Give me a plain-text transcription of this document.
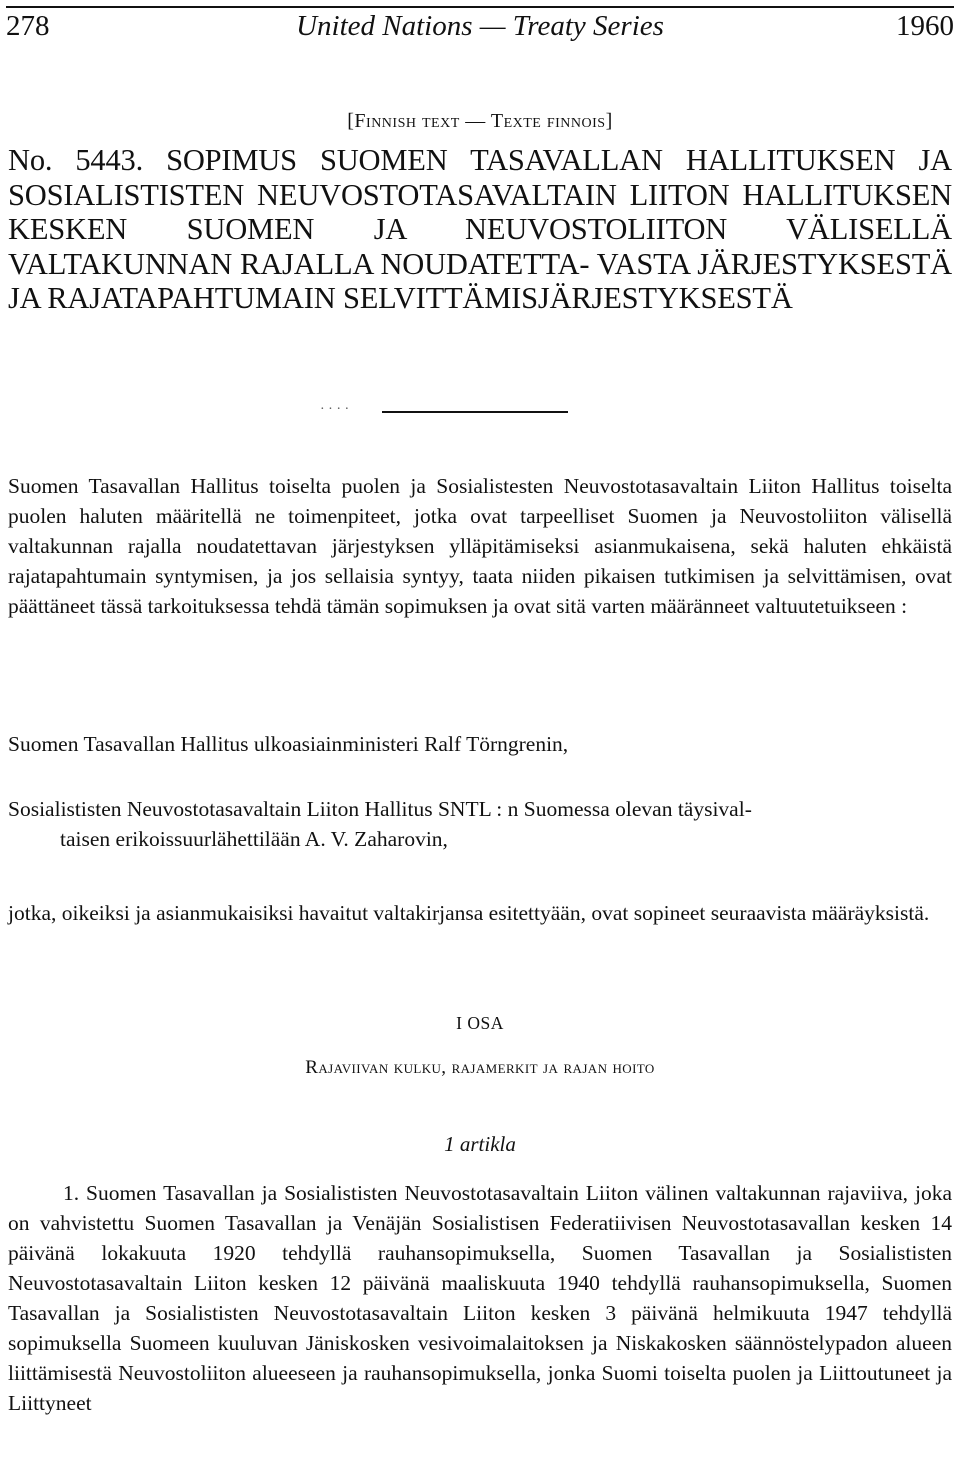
278	United Nations — Treaty Series	1960
[Finnish text — Texte finnois]
No. 5443. SOPIMUS SUOMEN TASAVALLAN HALLITUKSEN JA SOSIALISTISTEN NEUVOSTOTASAVALTAIN LIITON HALLITUKSEN KESKEN SUOMEN JA NEUVOSTOLIITON VÄLISELLÄ VALTAKUNNAN RAJALLA NOUDATETTA- VASTA JÄRJESTYKSESTÄ JA RAJATAPAHTUMAIN SELVITTÄMISJÄRJESTYKSESTÄ
· · · ·
Suomen Tasavallan Hallitus toiselta puolen ja Sosialistesten Neuvostotasavaltain Liiton Hallitus toiselta puolen haluten määritellä ne toimenpiteet, jotka ovat tarpeelliset Suomen ja Neuvostoliiton välisellä valtakunnan rajalla noudatettavan järjestyksen ylläpitämiseksi asianmukaisena, sekä haluten ehkäistä rajatapahtumain syntymisen, ja jos sellaisia syntyy, taata niiden pikaisen tutkimisen ja selvittämisen, ovat päättäneet tässä tarkoituksessa tehdä tämän sopimuksen ja ovat sitä varten määränneet valtuutetuikseen :
Suomen Tasavallan Hallitus ulkoasiainministeri Ralf Törngrenin,
Sosialististen Neuvostotasavaltain Liiton Hallitus SNTL : n Suomessa olevan täysival-
taisen erikoissuurlähettilään A. V. Zaharovin,
jotka, oikeiksi ja asianmukaisiksi havaitut valtakirjansa esitettyään, ovat sopineet seuraavista määräyksistä.
I OSA
Rajaviivan kulku, rajamerkit ja rajan hoito
1 artikla
1. Suomen Tasavallan ja Sosialististen Neuvostotasavaltain Liiton välinen valtakunnan rajaviiva, joka on vahvistettu Suomen Tasavallan ja Venäjän Sosialistisen Federatiivisen Neuvostotasavallan kesken 14 päivänä lokakuuta 1920 tehdyllä rauhansopimuksella, Suomen Tasavallan ja Sosialististen Neuvostotasavaltain Liiton kesken 12 päivänä maaliskuuta 1940 tehdyllä rauhansopimuksella, Suomen Tasavallan ja Sosialististen Neuvostotasavaltain Liiton kesken 3 päivänä helmikuuta 1947 tehdyllä sopimuksella Suomeen kuuluvan Jäniskosken vesivoimalaitoksen ja Niskakosken säännöstelypadon alueen liittämisestä Neuvostoliiton alueeseen ja rauhansopimuksella, jonka Suomi toiselta puolen ja Liittoutuneet ja Liittyneet
